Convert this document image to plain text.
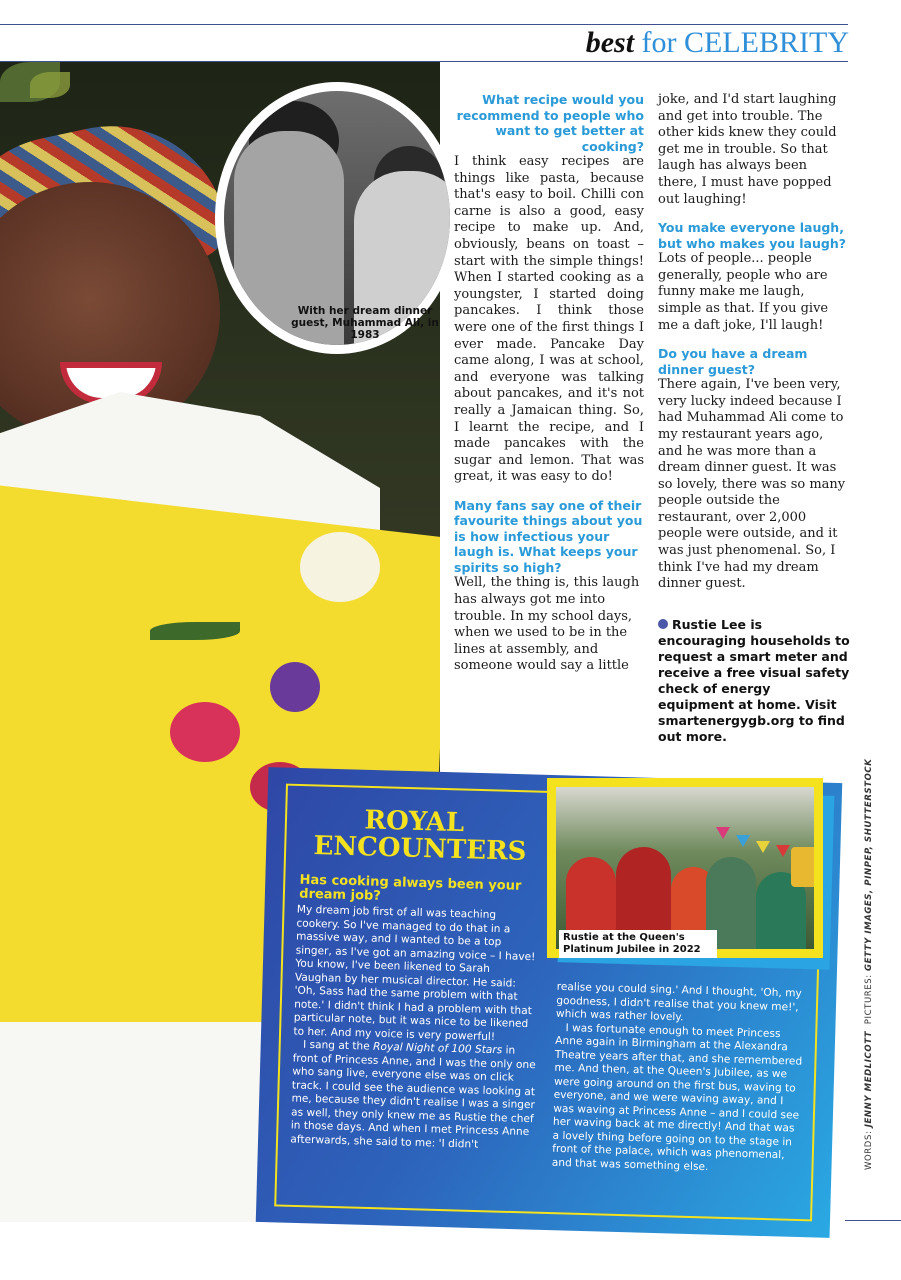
best for CELEBRITY
With her dream dinner guest, Muhammad Ali, in 1983

What recipe would you recommend to people who want to get better at cooking?

I think easy recipes are things like pasta, because that's easy to boil. Chilli con carne is also a good, easy recipe to make up. And, obviously, beans on toast – start with the simple things! When I started cooking as a youngster, I started doing pancakes. I think those were one of the first things I ever made. Pancake Day came along, I was at school, and everyone was talking about pancakes, and it's not really a Jamaican thing. So, I learnt the recipe, and I made pancakes with the sugar and lemon. That was great, it was easy to do!

Many fans say one of their favourite things about you is how infectious your laugh is. What keeps your spirits so high?

Well, the thing is, this laugh has always got me into trouble. In my school days, when we used to be in the lines at assembly, and someone would say a little

joke, and I'd start laughing and get into trouble. The other kids knew they could get me in trouble. So that laugh has always been there, I must have popped out laughing!

You make everyone laugh, but who makes you laugh?

Lots of people... people generally, people who are funny make me laugh, simple as that. If you give me a daft joke, I'll laugh!

Do you have a dream dinner guest?

There again, I've been very, very lucky indeed because I had Muhammad Ali come to my restaurant years ago, and he was more than a dream dinner guest. It was so lovely, there was so many people outside the restaurant, over 2,000 people were outside, and it was just phenomenal. So, I think I've had my dream dinner guest.

Rustie Lee is encouraging households to request a smart meter and receive a free visual safety check of energy equipment at home. Visit smartenergygb.org to find out more.

WORDS: JENNY MEDLICOTT  PICTURES: GETTY IMAGES, PINPEP, SHUTTERSTOCK
Rustie at the Queen's Platinum Jubilee in 2022
ROYAL ENCOUNTERS
Has cooking always been your dream job?

My dream job first of all was teaching cookery. So I've managed to do that in a massive way, and I wanted to be a top singer, as I've got an amazing voice – I have! You know, I've been likened to Sarah Vaughan by her musical director. He said: 'Oh, Sass had the same problem with that note.' I didn't think I had a problem with that particular note, but it was nice to be likened to her. And my voice is very powerful!

I sang at the Royal Night of 100 Stars in front of Princess Anne, and I was the only one who sang live, everyone else was on click track. I could see the audience was looking at me, because they didn't realise I was a singer as well, they only knew me as Rustie the chef in those days. And when I met Princess Anne afterwards, she said to me: 'I didn't

realise you could sing.' And I thought, 'Oh, my goodness, I didn't realise that you knew me!', which was rather lovely.

I was fortunate enough to meet Princess Anne again in Birmingham at the Alexandra Theatre years after that, and she remembered me. And then, at the Queen's Jubilee, as we were going around on the first bus, waving to everyone, and we were waving away, and I was waving at Princess Anne – and I could see her waving back at me directly! And that was a lovely thing before going on to the stage in front of the palace, which was phenomenal, and that was something else.
